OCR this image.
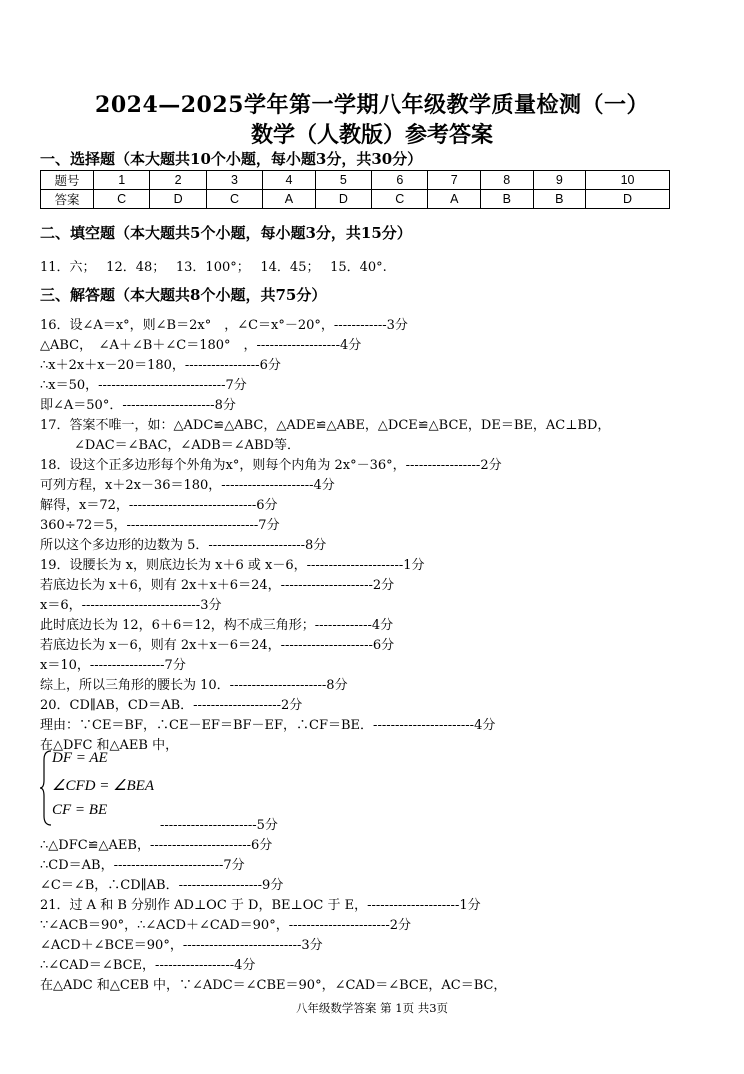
2024—2025学年第一学期八年级教学质量检测（一）
数学（人教版）参考答案
一、选择题（本大题共10个小题，每小题3分，共30分）
题号	1	2	3	4	5	6	7	8	9	10
答案	C	D	C	A	D	C	A	B	B	D
二、填空题（本大题共5个小题，每小题3分，共15分）
11．六；　 12．48；　 13．100°；　 14．45；　 15．40°.
三、解答题（本大题共8个小题，共75分）
16．设∠A＝x°，则∠B＝2x°　，∠C＝x°－20°，------------3分
△ABC，　∠A＋∠B＋∠C＝180°　，-------------------4分
∴x＋2x＋x－20＝180，-----------------6分
∴x＝50，-----------------------------7分
即∠A＝50°．---------------------8分
17．答案不唯一，如：△ADC≌△ABC，△ADE≌△ABE，△DCE≌△BCE，DE＝BE，AC⊥BD，
∠DAC＝∠BAC，∠ADB＝∠ABD等．
18．设这个正多边形每个外角为x°，则每个内角为 2x°－36°，-----------------2分
可列方程，x＋2x－36＝180，---------------------4分
解得，x＝72，-----------------------------6分
360÷72＝5，------------------------------7分
所以这个多边形的边数为 5．----------------------8分
19．设腰长为 x，则底边长为 x＋6 或 x－6，----------------------1分
若底边长为 x＋6，则有 2x＋x＋6＝24，---------------------2分
x＝6，---------------------------3分
此时底边长为 12，6＋6＝12，构不成三角形；-------------4分
若底边长为 x－6，则有 2x＋x－6＝24，---------------------6分
x＝10，-----------------7分
综上，所以三角形的腰长为 10．----------------------8分
20．CD∥AB，CD＝AB．--------------------2分
理由：∵CE＝BF，∴CE－EF＝BF－EF，∴CF＝BE．-----------------------4分
在△DFC 和△AEB 中，
DF = AE
∠CFD = ∠BEA
CF = BE
----------------------5分
∴△DFC≌△AEB，-----------------------6分
∴CD＝AB，-------------------------7分
∠C＝∠B，∴CD∥AB．-------------------9分
21．过 A 和 B 分别作 AD⊥OC 于 D，BE⊥OC 于 E，---------------------1分
∵∠ACB＝90°，∴∠ACD＋∠CAD＝90°，-----------------------2分
∠ACD＋∠BCE＝90°，---------------------------3分
∴∠CAD＝∠BCE，------------------4分
在△ADC 和△CEB 中，∵∠ADC＝∠CBE＝90°，∠CAD＝∠BCE，AC＝BC，
八年级数学答案 第 1页 共3页
